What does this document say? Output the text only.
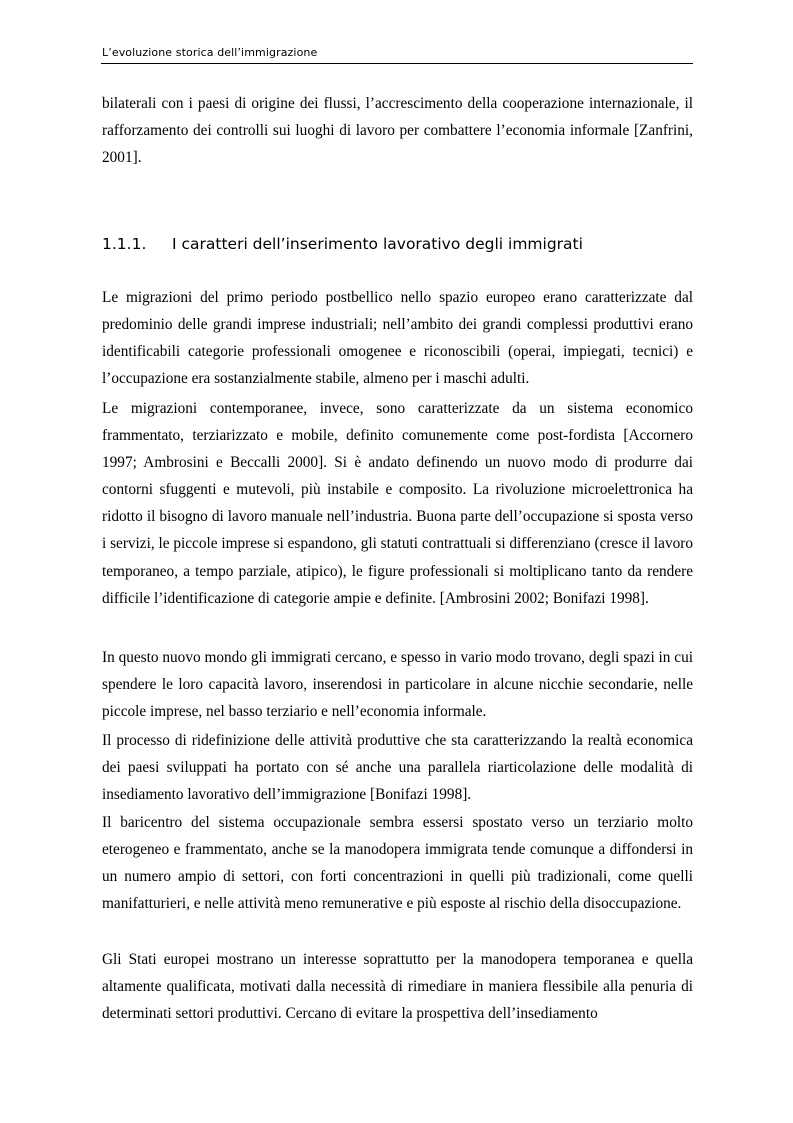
L’evoluzione storica dell’immigrazione

bilaterali con i paesi di origine dei flussi, l’accrescimento della cooperazione internazionale, il rafforzamento dei controlli sui luoghi di lavoro per combattere l’economia informale [Zanfrini, 2001].

1.1.1. I caratteri dell’inserimento lavorativo degli immigrati

Le migrazioni del primo periodo postbellico nello spazio europeo erano caratterizzate dal predominio delle grandi imprese industriali; nell’ambito dei grandi complessi produttivi erano identificabili categorie professionali omogenee e riconoscibili (operai, impiegati, tecnici) e l’occupazione era sostanzialmente stabile, almeno per i maschi adulti.

Le migrazioni contemporanee, invece, sono caratterizzate da un sistema economico frammentato, terziarizzato e mobile, definito comunemente come post-fordista [Accornero 1997; Ambrosini e Beccalli 2000]. Si è andato definendo un nuovo modo di produrre dai contorni sfuggenti e mutevoli, più instabile e composito. La rivoluzione microelettronica ha ridotto il bisogno di lavoro manuale nell’industria. Buona parte dell’occupazione si sposta verso i servizi, le piccole imprese si espandono, gli statuti contrattuali si differenziano (cresce il lavoro temporaneo, a tempo parziale, atipico), le figure professionali si moltiplicano tanto da rendere difficile l’identificazione di categorie ampie e definite. [Ambrosini 2002; Bonifazi 1998].

In questo nuovo mondo gli immigrati cercano, e spesso in vario modo trovano, degli spazi in cui spendere le loro capacità lavoro, inserendosi in particolare in alcune nicchie secondarie, nelle piccole imprese, nel basso terziario e nell’economia informale.

Il processo di ridefinizione delle attività produttive che sta caratterizzando la realtà economica dei paesi sviluppati ha portato con sé anche una parallela riarticolazione delle modalità di insediamento lavorativo dell’immigrazione [Bonifazi 1998].

Il baricentro del sistema occupazionale sembra essersi spostato verso un terziario molto eterogeneo e frammentato, anche se la manodopera immigrata tende comunque a diffondersi in un numero ampio di settori, con forti concentrazioni in quelli più tradizionali, come quelli manifatturieri, e nelle attività meno remunerative e più esposte al rischio della disoccupazione.

Gli Stati europei mostrano un interesse soprattutto per la manodopera temporanea e quella altamente qualificata, motivati dalla necessità di rimediare in maniera flessibile alla penuria di determinati settori produttivi. Cercano di evitare la prospettiva dell’insediamento
